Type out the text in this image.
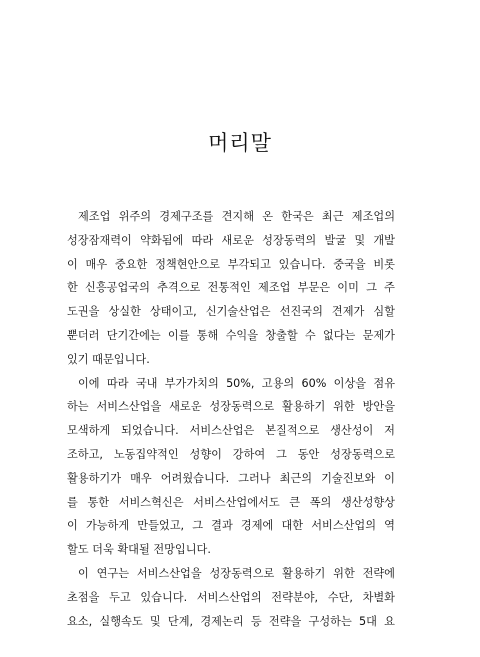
머리말
제조업 위주의 경제구조를 견지해 온 한국은 최근 제조업의
성장잠재력이 약화됨에 따라 새로운 성장동력의 발굴 및 개발
이 매우 중요한 정책현안으로 부각되고 있습니다. 중국을 비롯
한 신흥공업국의 추격으로 전통적인 제조업 부문은 이미 그 주
도권을 상실한 상태이고, 신기술산업은 선진국의 견제가 심할
뿐더러 단기간에는 이를 통해 수익을 창출할 수 없다는 문제가
있기 때문입니다.
이에 따라 국내 부가가치의 50%, 고용의 60% 이상을 점유
하는 서비스산업을 새로운 성장동력으로 활용하기 위한 방안을
모색하게 되었습니다. 서비스산업은 본질적으로 생산성이 저
조하고, 노동집약적인 성향이 강하여 그 동안 성장동력으로
활용하기가 매우 어려웠습니다. 그러나 최근의 기술진보와 이
를 통한 서비스혁신은 서비스산업에서도 큰 폭의 생산성향상
이 가능하게 만들었고, 그 결과 경제에 대한 서비스산업의 역
할도 더욱 확대될 전망입니다.
이 연구는 서비스산업을 성장동력으로 활용하기 위한 전략에
초점을 두고 있습니다. 서비스산업의 전략분야, 수단, 차별화
요소, 실행속도 및 단계, 경제논리 등 전략을 구성하는 5대 요
